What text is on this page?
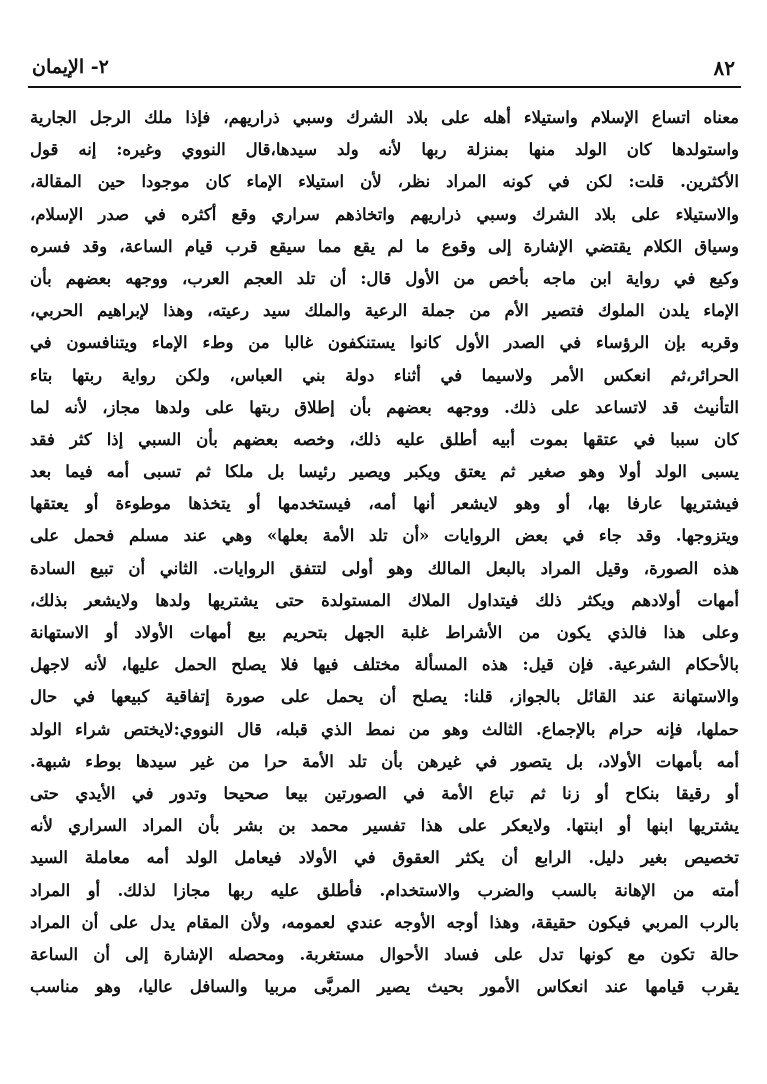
٨٢
٢- الإيمان
معناه اتساع الإسلام واستيلاء أهله على بلاد الشرك وسبي ذراريهم، فإذا ملك الرجل الجارية
واستولدها كان الولد منها بمنزلة ربها لأنه ولد سيدها،قال النووي وغيره: إنه قول
الأكثرين. قلت: لكن في كونه المراد نظر، لأن استيلاء الإماء كان موجودا حين المقالة،
والاستيلاء على بلاد الشرك وسبي ذراريهم واتخاذهم سراري وقع أكثره في صدر الإسلام،
وسياق الكلام يقتضي الإشارة إلى وقوع ما لم يقع مما سيقع قرب قيام الساعة، وقد فسره
وكيع في رواية ابن ماجه بأخص من الأول قال: أن تلد العجم العرب، ووجهه بعضهم بأن
الإماء يلدن الملوك فتصير الأم من جملة الرعية والملك سيد رعيته، وهذا لإبراهيم الحربي،
وقربه بإن الرؤساء في الصدر الأول كانوا يستنكفون غالبا من وطء الإماء ويتنافسون في
الحرائر،ثم انعكس الأمر ولاسيما في أثناء دولة بني العباس، ولكن رواية ربتها بتاء
التأنيث قد لاتساعد على ذلك. ووجهه بعضهم بأن إطلاق ربتها على ولدها مجاز، لأنه لما
كان سببا في عتقها بموت أبيه أطلق عليه ذلك، وخصه بعضهم بأن السبي إذا كثر فقد
يسبى الولد أولا وهو صغير ثم يعتق ويكبر ويصير رئيسا بل ملكا ثم تسبى أمه فيما بعد
فيشتريها عارفا بها، أو وهو لايشعر أنها أمه، فيستخدمها أو يتخذها موطوءة أو يعتقها
ويتزوجها. وقد جاء في بعض الروايات «أن تلد الأمة بعلها» وهي عند مسلم فحمل على
هذه الصورة، وقيل المراد بالبعل المالك وهو أولى لتتفق الروايات. الثاني أن تبيع السادة
أمهات أولادهم ويكثر ذلك فيتداول الملاك المستولدة حتى يشتريها ولدها ولايشعر بذلك،
وعلى هذا فالذي يكون من الأشراط غلبة الجهل بتحريم بيع أمهات الأولاد أو الاستهانة
بالأحكام الشرعية. فإن قيل: هذه المسألة مختلف فيها فلا يصلح الحمل عليها، لأنه لاجهل
والاستهانة عند القائل بالجواز، قلنا: يصلح أن يحمل على صورة إتفاقية كبيعها في حال
حملها، فإنه حرام بالإجماع. الثالث وهو من نمط الذي قبله، قال النووي:لايختص شراء الولد
أمه بأمهات الأولاد، بل يتصور في غيرهن بأن تلد الأمة حرا من غير سيدها بوطء شبهة.
أو رقيقا بنكاح أو زنا ثم تباع الأمة في الصورتين بيعا صحيحا وتدور في الأيدي حتى
يشتريها ابنها أو ابنتها. ولايعكر على هذا تفسير محمد بن بشر بأن المراد السراري لأنه
تخصيص بغير دليل. الرابع أن يكثر العقوق في الأولاد فيعامل الولد أمه معاملة السيد
أمته من الإهانة بالسب والضرب والاستخدام. فأطلق عليه ربها مجازا لذلك. أو المراد
بالرب المربي فيكون حقيقة، وهذا أوجه الأوجه عندي لعمومه، ولأن المقام يدل على أن المراد
حالة تكون مع كونها تدل على فساد الأحوال مستغربة. ومحصله الإشارة إلى أن الساعة
يقرب قيامها عند انعكاس الأمور بحيث يصير المربَّى مربيا والسافل عاليا، وهو مناسب
